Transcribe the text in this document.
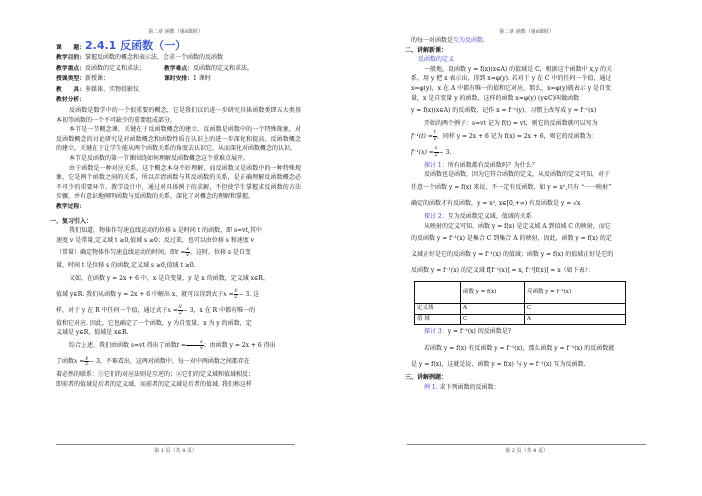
第二章 函数（第8课时）
课　　题：2.4.1 反函数（一）
教学目的：掌握反函数的概念和表示法，会求一个函数的反函数
教学重点：反函数的定义和求法；	教学难点：反函数的定义和求法。
授课类型：新授课；	课时安排：1 课时
教　　具：多媒体、实物投影仪
教材分析：
反函数是数学中的一个很重要的概念，它是我们以后进一步研究具体函数类即五大类基本初等函数的一个不可缺少的重要组成部分。
本节是一节概念课，关键在于反函数概念的建立。反函数是函数中的一个特殊现象，对反函数概念的讨论研究是对函数概念和函数性质在认识上的进一步深化和提高。反函数概念的建立，关键在于让学生能从两个函数关系的角度去认识它，从而深化对函数概念的认识。
本节是反函数的第一节课围绕如何理解反函数概念这个重难点展开。
由于函数是一种对应关系，这个概念本身不好理解，而反函数又是函数中的一种特殊现象，它是两个函数之间的关系，所以弄清函数与其反函数的关系，是正确理解反函数概念必不可少的重要环节。教学设计中，通过对具体例子的求解，不但使学生掌握求反函数的方法步骤，并有意识地阐明函数与反函数的关系，深化了对概念的理解和掌握。
教学过程：
一、复习引入：
我们知道，物体作匀速直线运动的位移 s 是时间 t 的函数，即 s=vt,其中
速度 v 是常量,定义域 t ≥0,值域 s ≥0；反过来，也可以由位移 s 和速度 v
（常量）确定物体作匀速直线运动的时间，即$t = \frac{s}{v}$ ，这时，位移 s 是自变
量，时间 t 是位移 s 的函数,定义域 s ≥0,值域 t ≥0.
又如，在函数 y = 2x + 6 中，x 是自变量，y 是 x 的函数，定义域 x∈R，
值域 y∈R. 我们从函数 y = 2x + 6 中解出 x，就可以得到式子$x = \frac{y}{2} - 3$. 这
样，对于 y 在 R 中任何一个值，通过式子$x = \frac{y}{2} - 3$，x 在 R 中都有唯一的
值和它对应. 因此，它也确定了一个函数，y 为自变量，x 为 y 的函数，定
义域是 y∈R，值域是 x∈R.
综合上述，我们由函数 s=vt 得出了函数$t = \frac{s}{v}$ ；由函数 y = 2x + 6 得出
了函数$x = \frac{y}{2} - 3$，不难看出，这两对函数中，每一对中两函数之间都存在
着必然的联系：①它们的对应法则是互逆的；②它们的定义域和值域相反；
即前者的值域是后者的定义域，而前者的定义域是后者的值域. 我们称这样
第 1 页（共 4 页）
第二章 函数（第8课时）
的每一对函数是互为反函数.
二、讲解新课：
反函数的定义
一般地，设函数 y = f(x)(x∈A) 的值域是 C，根据这个函数中 x,y 的关
系，用 y 把 x 表示出，得到 x=φ(y). 若对于 y 在 C 中的任何一个值，通过
x=φ(y)，x 在 A 中都有唯一的值和它对应，那么，x=φ(y)就表示 y 是自变
量，x 是自变量 y 的函数，这样的函数 x=φ(y) (y∈C)叫做函数
y = f(x)(x∈A) 的反函数，记作 x = f⁻¹(y)，习惯上改写成 y = f⁻¹(x)
开始的两个例子：s=vt 记为 f(t) = vt，则它的反函数就可以写为
$f^{-1}(t) = \frac{t}{v}$ ，同样 y = 2x + 6 记为 f(x) = 2x + 6，则它的反函数为：
$f^{-1}(x) = \frac{x}{2} - 3$.
探讨 1：所有函数都有反函数吗？为什么？
反函数也是函数，因为它符合函数的定义，从反函数的定义可知，对于
任意一个函数 y = f(x) 来说，不一定有反函数，如 y = x²,只有 “一一映射”
确定的函数才有反函数，y = x², x∈[0,+∞) 有反函数是 y = √x
探讨 2：互为反函数定义域、值域的关系
从映射的定义可知，函数 y = f(x) 是定义域 A 到值域 C 的映射，而它
的反函数 y = f⁻¹(x) 是集合 C 到集合 A 的映射，因此，函数 y = f(x) 的定
义域正好是它的反函数 y = f⁻¹(x) 的值域；函数 y = f(x) 的值域正好是它的
反函数 y = f⁻¹(x) 的定义域 f[f⁻¹(x)] = x, f⁻¹[f(x)] = x（如下表）：
	函数 y = f(x)	反函数 y = f⁻¹(x)
定义域	A	C
值 域	C	A
探讨 3：y = f⁻¹(x) 的反函数是?
若函数 y = f(x) 有反函数 y = f⁻¹(x)，那么函数 y = f⁻¹(x) 的反函数就
是 y = f(x)，这就是说，函数 y = f(x) 与 y = f⁻¹(x) 互为反函数.
三、讲解例题：
例 1. 求下列函数的反函数：
第 2 页（共 4 页）
